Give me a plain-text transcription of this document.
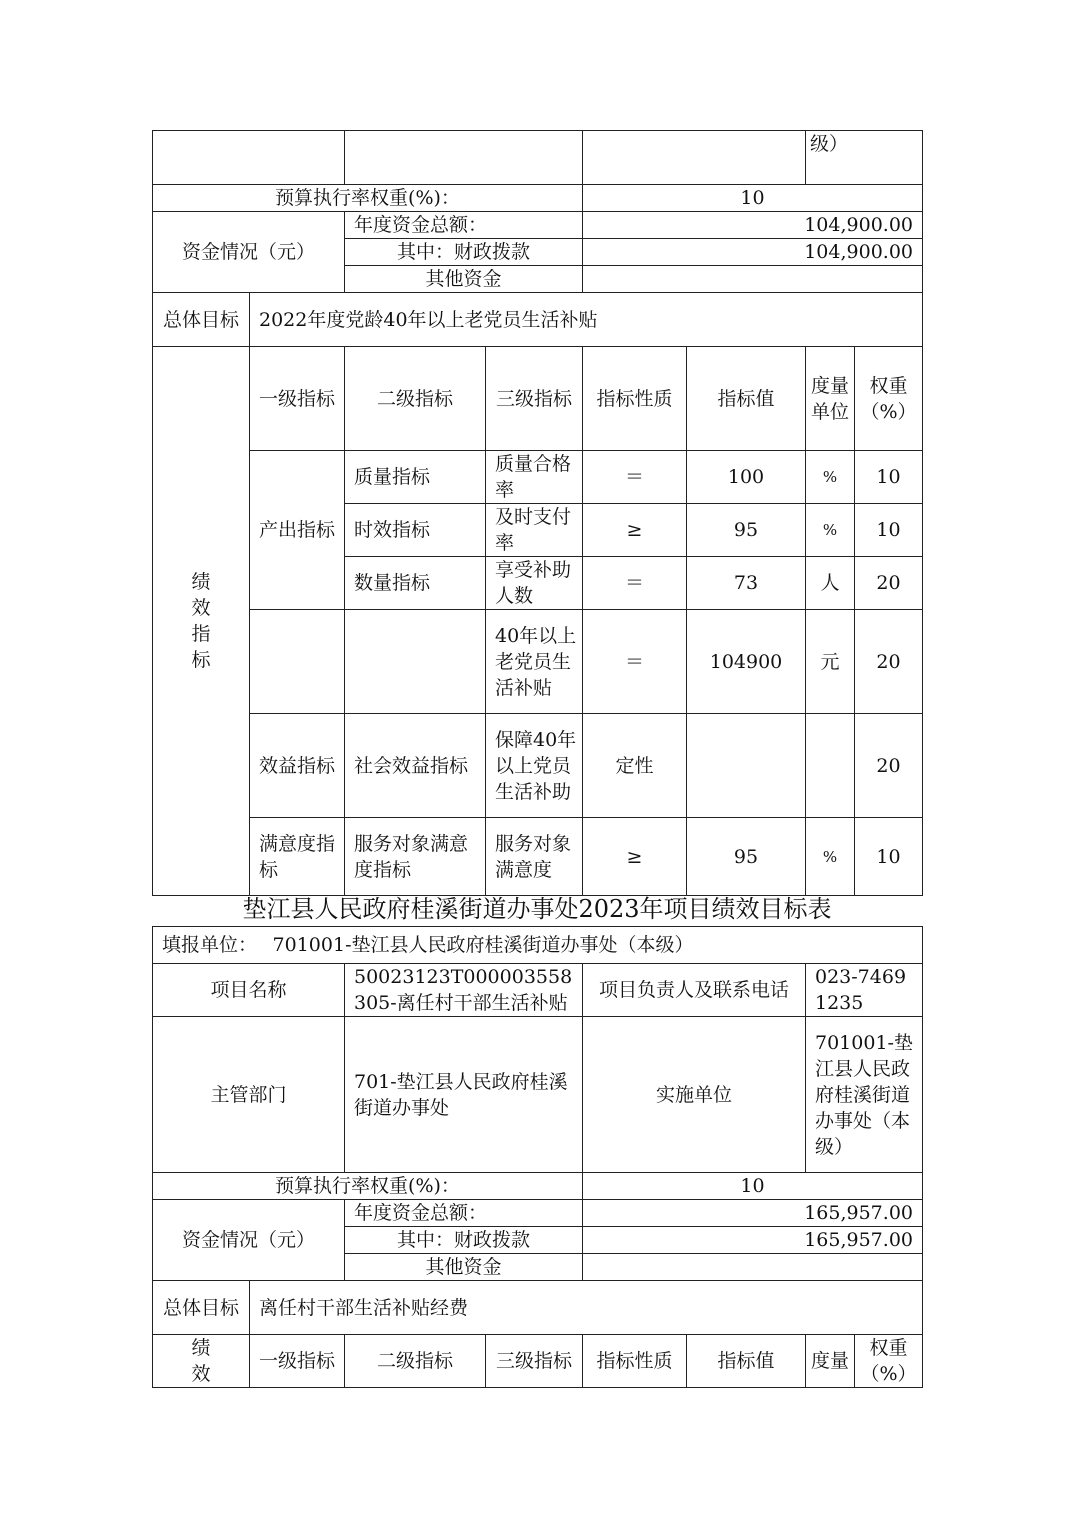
						级）	
预算执行率权重(%)：				10			
资金情况（元）		年度资金总额：		104,900.00			
		其中：财政拨款		104,900.00			
		其他资金					
总体目标	2022年度党龄40年以上老党员生活补贴						
绩效指标	一级指标	二级指标	三级指标	指标性质	指标值	度量单位	权重（%）
	产出指标	质量指标	质量合格率	＝	100	%	10
		时效指标	及时支付率	≥	95	%	10
		数量指标	享受补助人数	＝	73	人	20
			40年以上老党员生活补贴	＝	104900	元	20
	效益指标	社会效益指标	保障40年以上党员生活补助	定性			20
	满意度指标	服务对象满意度指标	服务对象满意度	≥	95	%	10
垫江县人民政府桂溪街道办事处2023年项目绩效目标表
填报单位：　 701001-垫江县人民政府桂溪街道办事处（本级）							
项目名称		50023123T000003558305-离任村干部生活补贴		项目负责人及联系电话		023-74691235	
主管部门		701-垫江县人民政府桂溪街道办事处		实施单位		701001-垫江县人民政府桂溪街道办事处（本级）	
预算执行率权重(%)：				10			
资金情况（元）		年度资金总额：		165,957.00			
		其中：财政拨款		165,957.00			
		其他资金					
总体目标	离任村干部生活补贴经费						
绩效	一级指标	二级指标	三级指标	指标性质	指标值	度量	权重（%）
